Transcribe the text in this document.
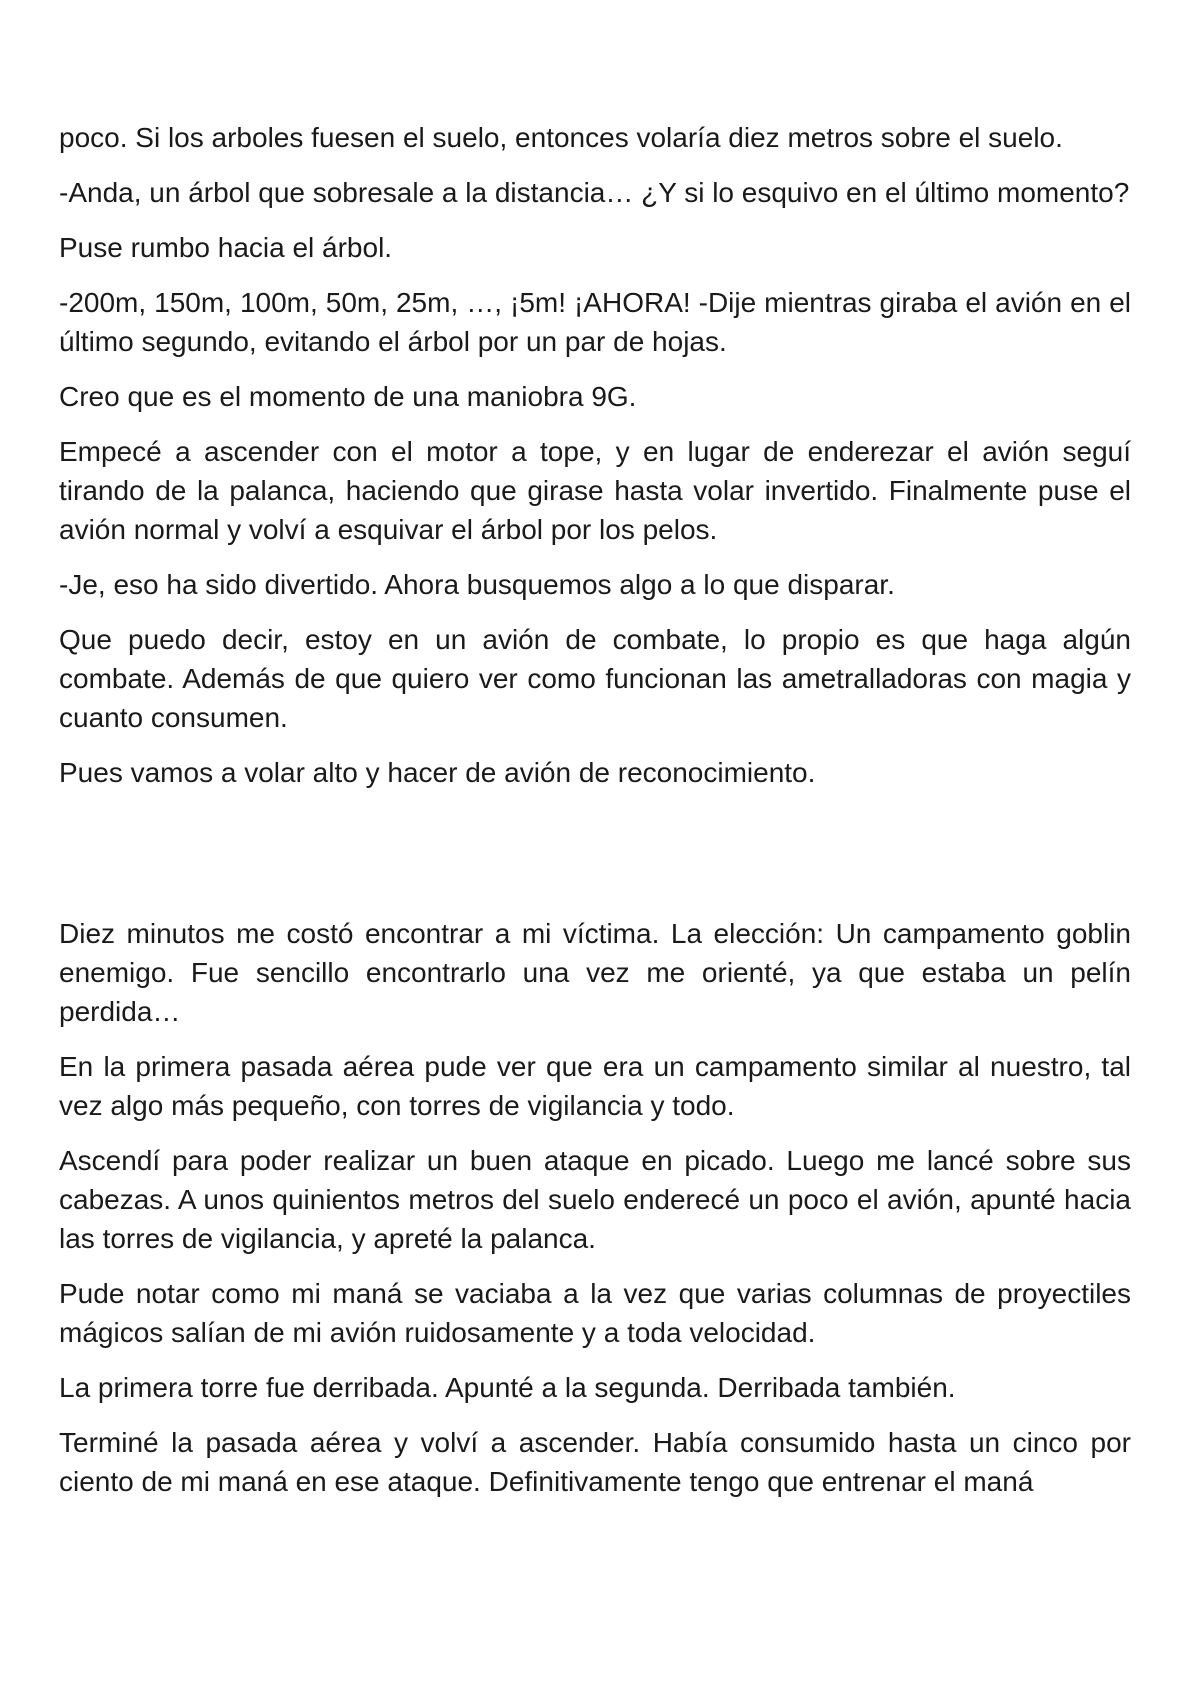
poco. Si los arboles fuesen el suelo, entonces volaría diez metros sobre el suelo.

-Anda, un árbol que sobresale a la distancia… ¿Y si lo esquivo en el último momento?

Puse rumbo hacia el árbol.

-200m, 150m, 100m, 50m, 25m, …, ¡5m! ¡AHORA! -Dije mientras giraba el avión en el último segundo, evitando el árbol por un par de hojas.

Creo que es el momento de una maniobra 9G.

Empecé a ascender con el motor a tope, y en lugar de enderezar el avión seguí tirando de la palanca, haciendo que girase hasta volar invertido. Finalmente puse el avión normal y volví a esquivar el árbol por los pelos.

-Je, eso ha sido divertido. Ahora busquemos algo a lo que disparar.

Que puedo decir, estoy en un avión de combate, lo propio es que haga algún combate. Además de que quiero ver como funcionan las ametralladoras con magia y cuanto consumen.

Pues vamos a volar alto y hacer de avión de reconocimiento.

Diez minutos me costó encontrar a mi víctima. La elección: Un campamento goblin enemigo. Fue sencillo encontrarlo una vez me orienté, ya que estaba un pelín perdida…

En la primera pasada aérea pude ver que era un campamento similar al nuestro, tal vez algo más pequeño, con torres de vigilancia y todo.

Ascendí para poder realizar un buen ataque en picado. Luego me lancé sobre sus cabezas. A unos quinientos metros del suelo enderecé un poco el avión, apunté hacia las torres de vigilancia, y apreté la palanca.

Pude notar como mi maná se vaciaba a la vez que varias columnas de proyectiles mágicos salían de mi avión ruidosamente y a toda velocidad.

La primera torre fue derribada. Apunté a la segunda. Derribada también.

Terminé la pasada aérea y volví a ascender. Había consumido hasta un cinco por ciento de mi maná en ese ataque. Definitivamente tengo que entrenar el maná
